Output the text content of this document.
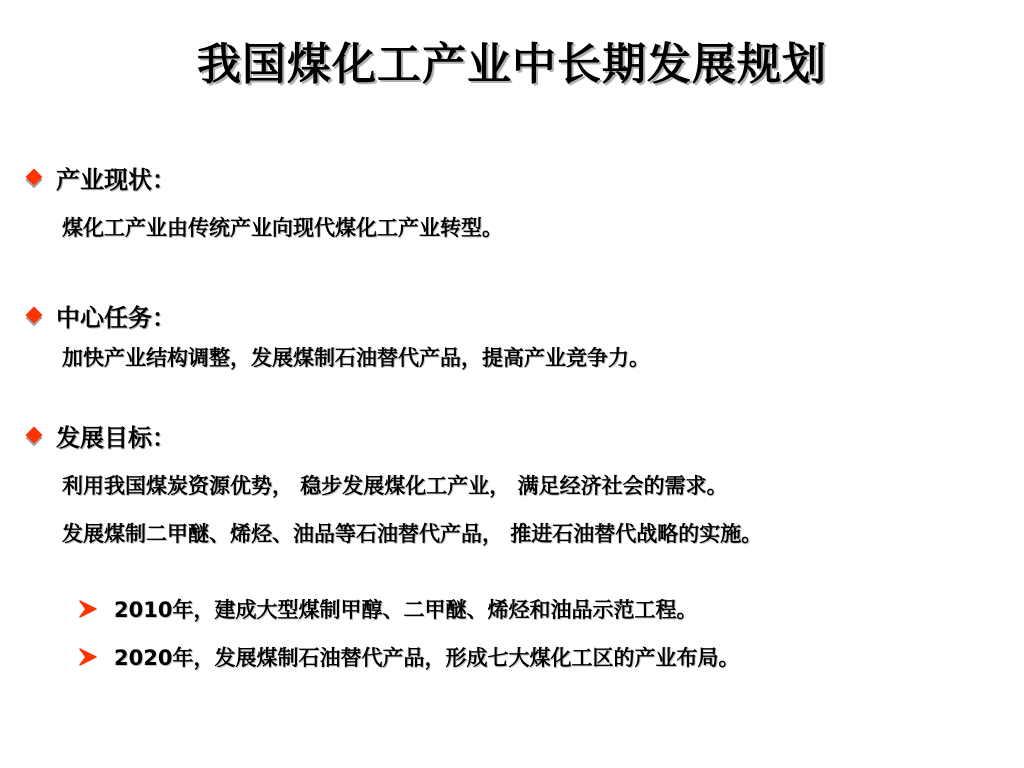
我国煤化工产业中长期发展规划
产业现状：
煤化工产业由传统产业向现代煤化工产业转型。
中心任务：
加快产业结构调整，发展煤制石油替代产品，提高产业竞争力。
发展目标：
利用我国煤炭资源优势， 稳步发展煤化工产业， 满足经济社会的需求。
发展煤制二甲醚、烯烃、油品等石油替代产品， 推进石油替代战略的实施。
2010年，建成大型煤制甲醇、二甲醚、烯烃和油品示范工程。
2020年，发展煤制石油替代产品，形成七大煤化工区的产业布局。
